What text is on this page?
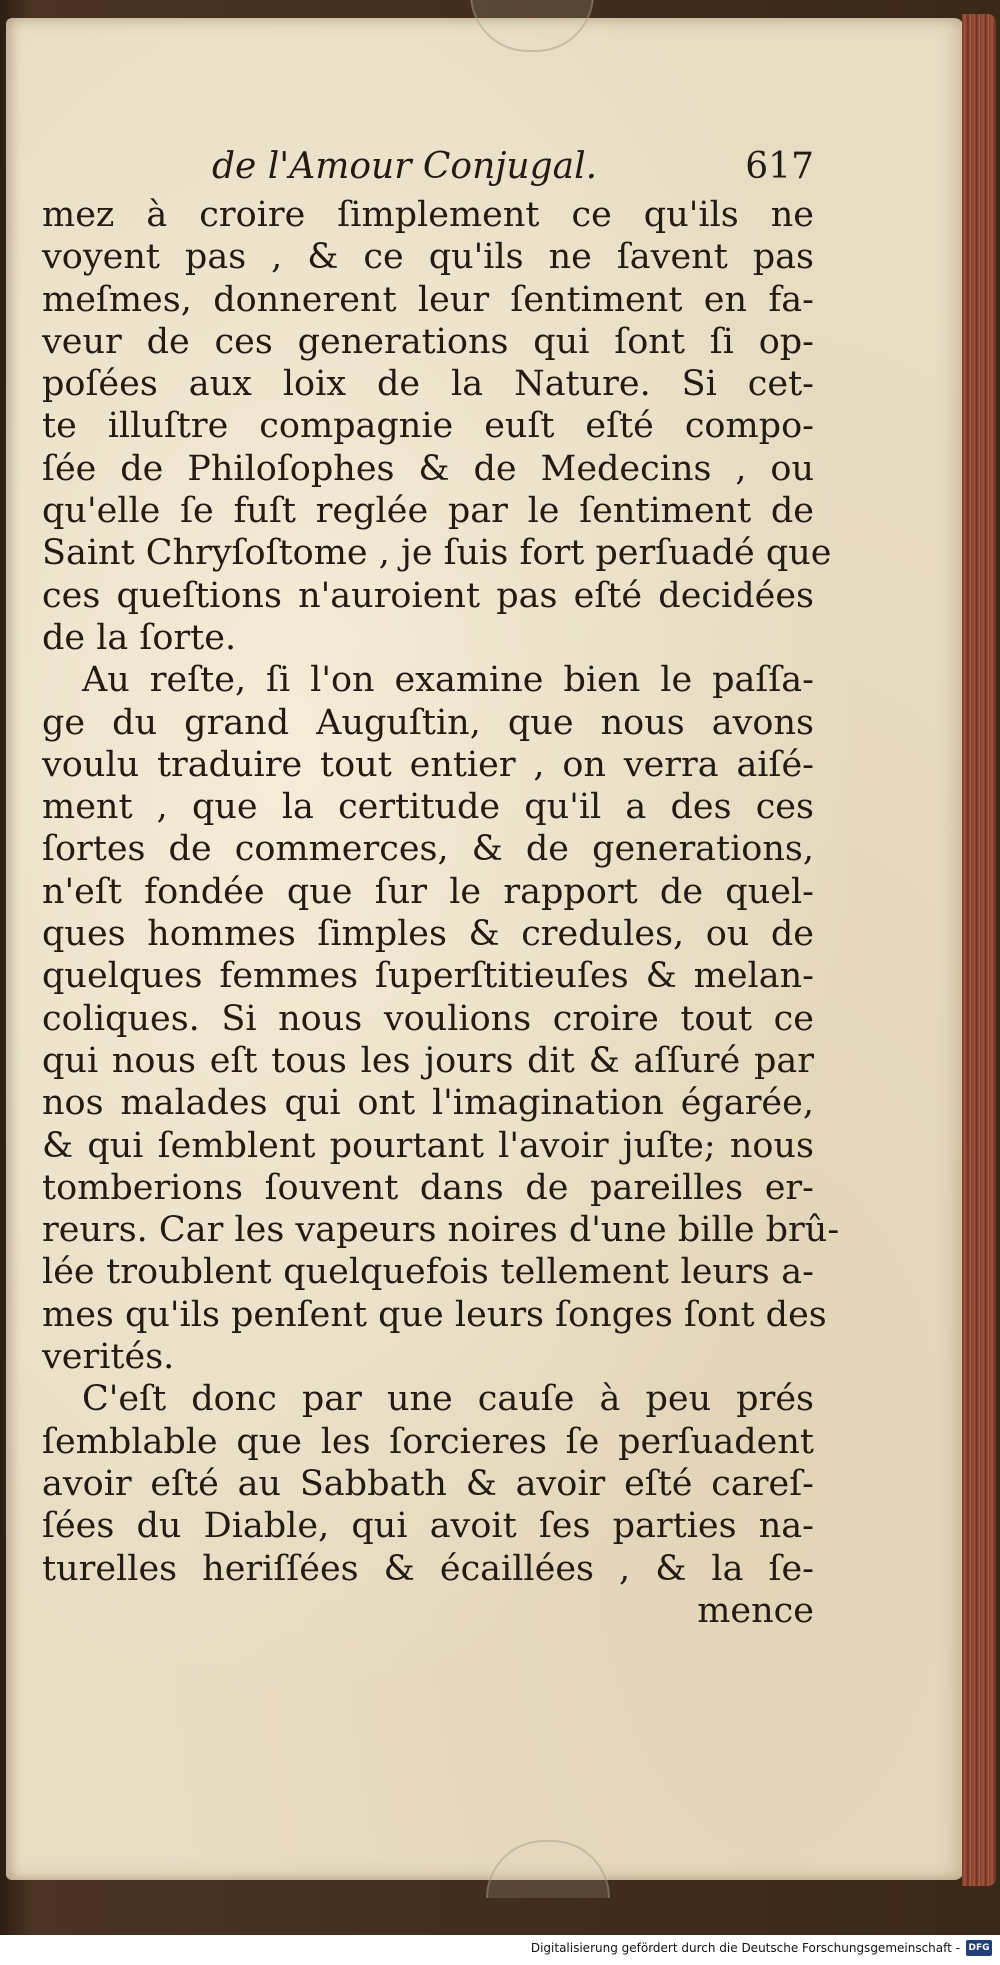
de l'Amour Conjugal.	617
mez à croire ſimplement ce qu'ils ne
voyent pas , & ce qu'ils ne ſavent pas
meſmes, donnerent leur ſentiment en fa-
veur de ces generations qui ſont ſi op-
poſées aux loix de la Nature. Si cet-
te illuſtre compagnie euſt eſté compo-
ſée de Philoſophes & de Medecins , ou
qu'elle ſe fuſt reglée par le ſentiment de
Saint Chryſoſtome , je ſuis fort perſuadé que
ces queſtions n'auroient pas eſté decidées
de la ſorte.
Au reſte, ſi l'on examine bien le paſſa-
ge du grand Auguſtin, que nous avons
voulu traduire tout entier , on verra aiſé-
ment , que la certitude qu'il a des ces
ſortes de commerces, & de generations,
n'eſt fondée que ſur le rapport de quel-
ques hommes ſimples & credules, ou de
quelques femmes ſuperſtitieuſes & melan-
coliques. Si nous voulions croire tout ce
qui nous eſt tous les jours dit & aſſuré par
nos malades qui ont l'imagination égarée,
& qui ſemblent pourtant l'avoir juſte; nous
tomberions ſouvent dans de pareilles er-
reurs. Car les vapeurs noires d'une bille brû-
lée troublent quelquefois tellement leurs a-
mes qu'ils penſent que leurs ſonges ſont des
verités.
C'eſt donc par une cauſe à peu prés
ſemblable que les ſorcieres ſe perſuadent
avoir eſté au Sabbath & avoir eſté careſ-
ſées du Diable, qui avoit ſes parties na-
turelles heriſſées & écaillées , & la ſe-
mence
Digitalisierung gefördert durch die Deutsche Forschungsgemeinschaft - DFG
